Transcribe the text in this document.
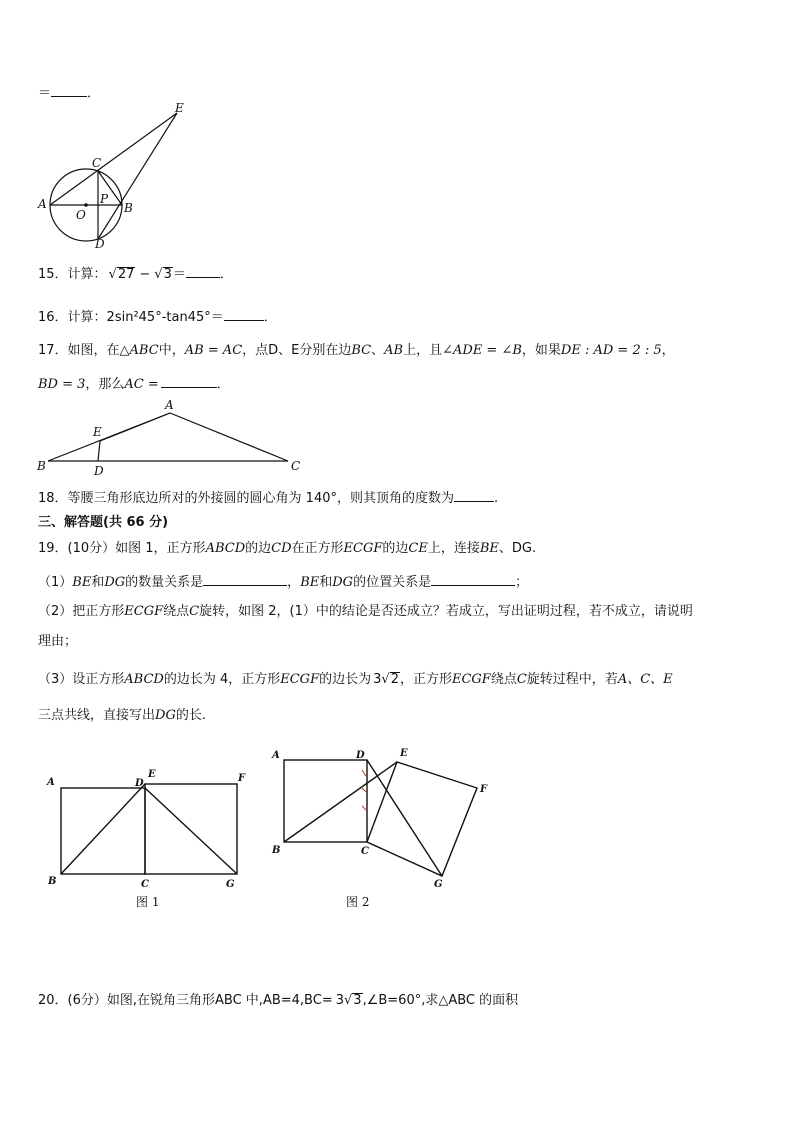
＝	．
E
C
A
O
P
B
D
15．计算： √27 − √3＝	．
16．计算：2sin²45°-tan45°＝	．
17．如图，在△ABC中，AB = AC，点D、E分别在边BC、AB上，且∠ADE = ∠B，如果DE : AD = 2 : 5，
BD = 3，那么AC =	．
A
E
B	D	C
18．等腰三角形底边所对的外接圆的圆心角为 140°，则其顶角的度数为	.
三、解答题(共 66 分)
19．(10分）如图 1，正方形ABCD的边CD在正方形ECGF的边CE上，连接BE、DG.
（1）BE和DG的数量关系是	，BE和DG的位置关系是	；
（2）把正方形ECGF绕点C旋转，如图 2，(1）中的结论是否还成立？若成立，写出证明过程，若不成立，请说明
理由；
（3）设正方形ABCD的边长为 4，正方形ECGF的边长为 3√2，正方形ECGF绕点C旋转过程中，若A、C、E
三点共线，直接写出DG的长.
A	D
E	F
B	C	G
图 1
A	D	E
F
B	C
G
图 2
20．(6分）如图,在锐角三角形ABC 中,AB=4,BC= 3√3,∠B=60°,求△ABC 的面积
